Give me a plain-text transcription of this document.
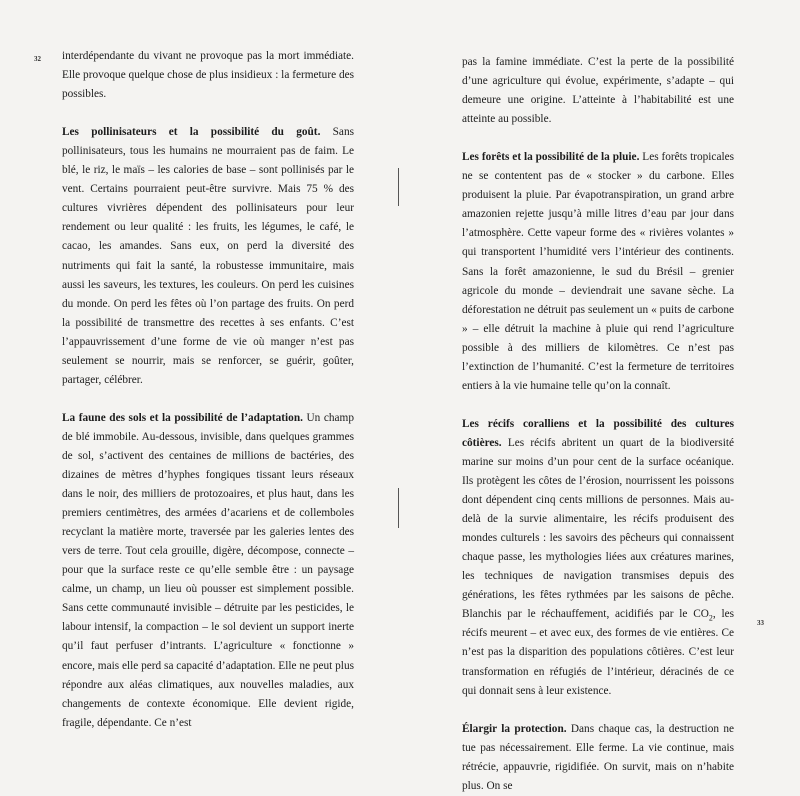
32 interdépendante du vivant ne provoque pas la mort immédiate. Elle provoque quelque chose de plus insidieux : la fermeture des possibles.

Les pollinisateurs et la possibilité du goût. Sans pollinisateurs, tous les humains ne mourraient pas de faim. Le blé, le riz, le maïs – les calories de base – sont pollinisés par le vent. Certains pourraient peut-être survivre. Mais 75 % des cultures vivrières dépendent des pollinisateurs pour leur rendement ou leur qualité : les fruits, les légumes, le café, le cacao, les amandes. Sans eux, on perd la diversité des nutriments qui fait la santé, la robustesse immunitaire, mais aussi les saveurs, les textures, les couleurs. On perd les cuisines du monde. On perd les fêtes où l’on partage des fruits. On perd la possibilité de transmettre des recettes à ses enfants. C’est l’appauvrissement d’une forme de vie où manger n’est pas seulement se nourrir, mais se renforcer, se guérir, goûter, partager, célébrer.

La faune des sols et la possibilité de l’adaptation. Un champ de blé immobile. Au-dessous, invisible, dans quelques grammes de sol, s’activent des centaines de millions de bactéries, des dizaines de mètres d’hyphes fongiques tissant leurs réseaux dans le noir, des milliers de protozoaires, et plus haut, dans les premiers centimètres, des armées d’acariens et de collemboles recyclant la matière morte, traversée par les galeries lentes des vers de terre. Tout cela grouille, digère, décompose, connecte – pour que la surface reste ce qu’elle semble être : un paysage calme, un champ, un lieu où pousser est simplement possible. Sans cette communauté invisible – détruite par les pesticides, le labour intensif, la compaction – le sol devient un support inerte qu’il faut perfuser d’intrants. L’agriculture « fonctionne » encore, mais elle perd sa capacité d’adaptation. Elle ne peut plus répondre aux aléas climatiques, aux nouvelles maladies, aux changements de contexte économique. Elle devient rigide, fragile, dépendante. Ce n’est

pas la famine immédiate. C’est la perte de la possibilité d’une agriculture qui évolue, expérimente, s’adapte – qui demeure une origine. L’atteinte à l’habitabilité est une atteinte au possible.

Les forêts et la possibilité de la pluie. Les forêts tropicales ne se contentent pas de « stocker » du carbone. Elles produisent la pluie. Par évapotranspiration, un grand arbre amazonien rejette jusqu’à mille litres d’eau par jour dans l’atmosphère. Cette vapeur forme des « rivières volantes » qui transportent l’humidité vers l’intérieur des continents. Sans la forêt amazonienne, le sud du Brésil – grenier agricole du monde – deviendrait une savane sèche. La déforestation ne détruit pas seulement un « puits de carbone » – elle détruit la machine à pluie qui rend l’agriculture possible à des milliers de kilomètres. Ce n’est pas l’extinction de l’humanité. C’est la fermeture de territoires entiers à la vie humaine telle qu’on la connaît.

Les récifs coralliens et la possibilité des cultures côtières. Les récifs abritent un quart de la biodiversité marine sur moins d’un pour cent de la surface océanique. Ils protègent les côtes de l’érosion, nourrissent les poissons dont dépendent cinq cents millions de personnes. Mais au-delà de la survie alimentaire, les récifs produisent des mondes culturels : les savoirs des pêcheurs qui connaissent chaque passe, les mythologies liées aux créatures marines, les techniques de navigation transmises depuis des générations, les fêtes rythmées par les saisons de pêche. Blanchis par le réchauffement, acidifiés par le $CO_2$, les récifs meurent – et avec eux, des formes de vie entières. Ce n’est pas la disparition des populations côtières. C’est leur transformation en réfugiés de l’intérieur, déracinés de ce qui donnait sens à leur existence.

Élargir la protection. Dans chaque cas, la destruction ne tue pas nécessairement. Elle ferme. La vie continue, mais rétrécie, appauvrie, rigidifiée. On survit, mais on n’habite plus. On se

33
